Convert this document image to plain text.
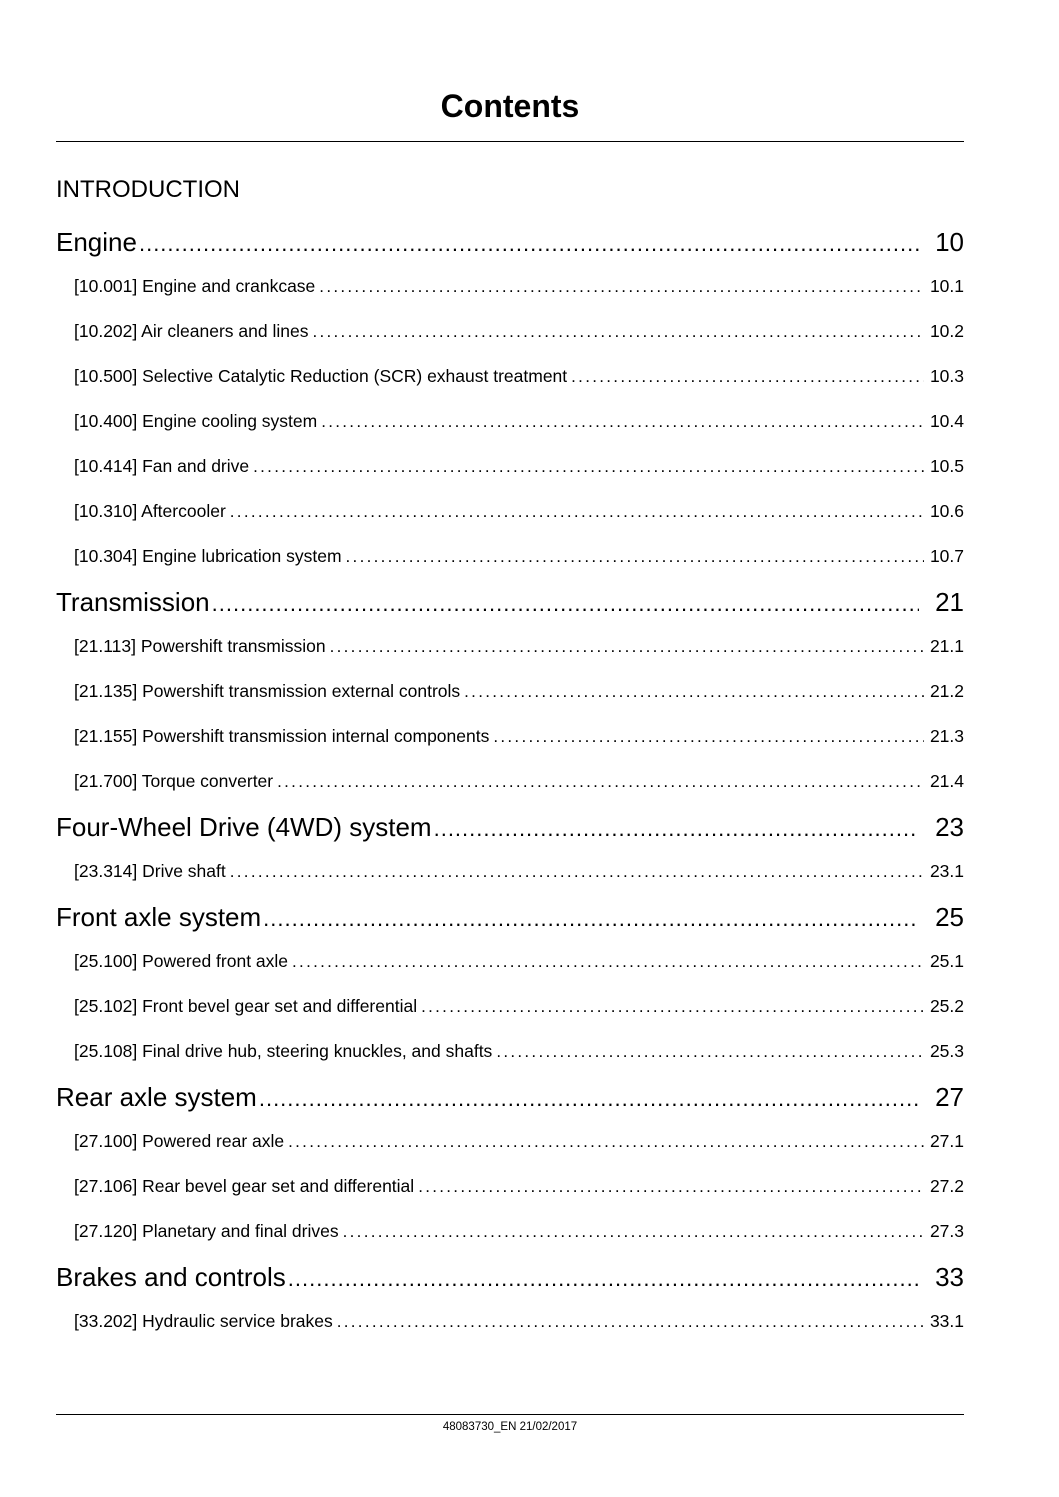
Contents
INTRODUCTION
Engine .....	10
[10.001] Engine and crankcase .....	10.1
[10.202] Air cleaners and lines .....	10.2
[10.500] Selective Catalytic Reduction (SCR) exhaust treatment .....	10.3
[10.400] Engine cooling system .....	10.4
[10.414] Fan and drive .....	10.5
[10.310] Aftercooler .....	10.6
[10.304] Engine lubrication system .....	10.7
Transmission .....	21
[21.113] Powershift transmission .....	21.1
[21.135] Powershift transmission external controls .....	21.2
[21.155] Powershift transmission internal components .....	21.3
[21.700] Torque converter .....	21.4
Four-Wheel Drive (4WD) system .....	23
[23.314] Drive shaft .....	23.1
Front axle system .....	25
[25.100] Powered front axle .....	25.1
[25.102] Front bevel gear set and differential .....	25.2
[25.108] Final drive hub, steering knuckles, and shafts .....	25.3
Rear axle system .....	27
[27.100] Powered rear axle .....	27.1
[27.106] Rear bevel gear set and differential .....	27.2
[27.120] Planetary and final drives .....	27.3
Brakes and controls .....	33
[33.202] Hydraulic service brakes .....	33.1
48083730_EN 21/02/2017
